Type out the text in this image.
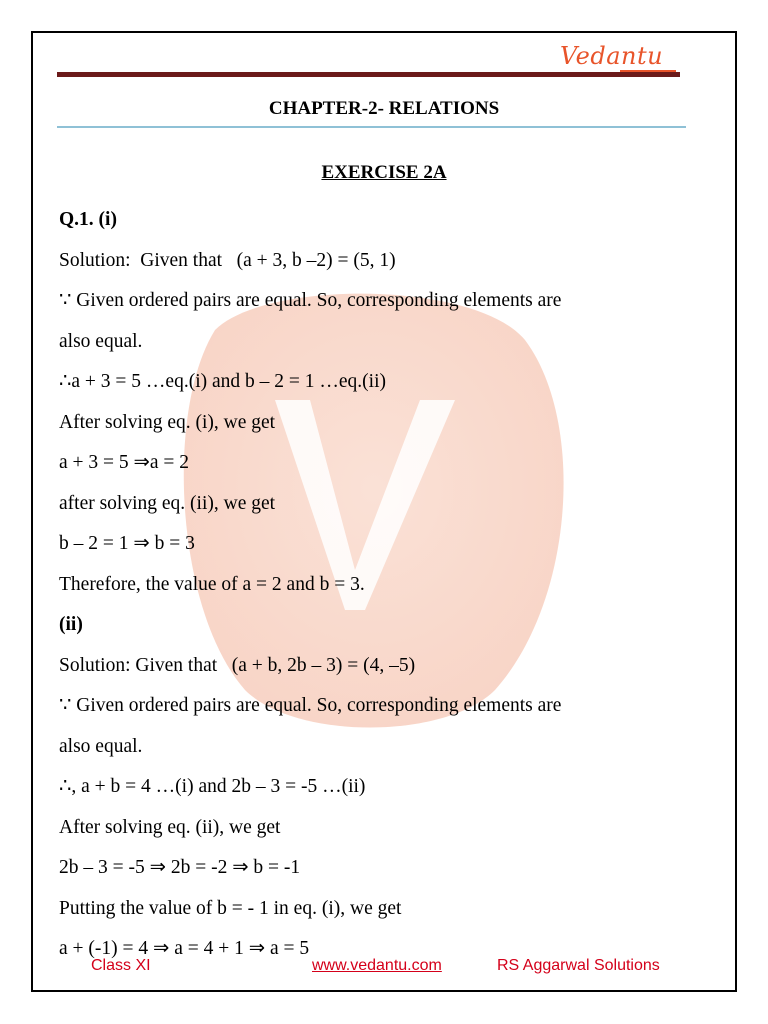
Vedantu
CHAPTER-2- RELATIONS
EXERCISE 2A
Q.1. (i)
Solution:  Given that   (a + 3, b –2) = (5, 1)
∵ Given ordered pairs are equal. So, corresponding elements are
also equal.
∴a + 3 = 5 …eq.(i) and b – 2 = 1 …eq.(ii)
After solving eq. (i), we get
a + 3 = 5 ⇒a = 2
after solving eq. (ii), we get
b – 2 = 1 ⇒ b = 3
Therefore, the value of a = 2 and b = 3.
(ii)
Solution: Given that   (a + b, 2b – 3) = (4, –5)
∵ Given ordered pairs are equal. So, corresponding elements are
also equal.
∴, a + b = 4 …(i) and 2b – 3 = -5 …(ii)
After solving eq. (ii), we get
2b – 3 = -5 ⇒ 2b = -2 ⇒ b = -1
Putting the value of b = - 1 in eq. (i), we get
a + (-1) = 4 ⇒ a = 4 + 1 ⇒ a = 5
Class XI	www.vedantu.com	RS Aggarwal Solutions
